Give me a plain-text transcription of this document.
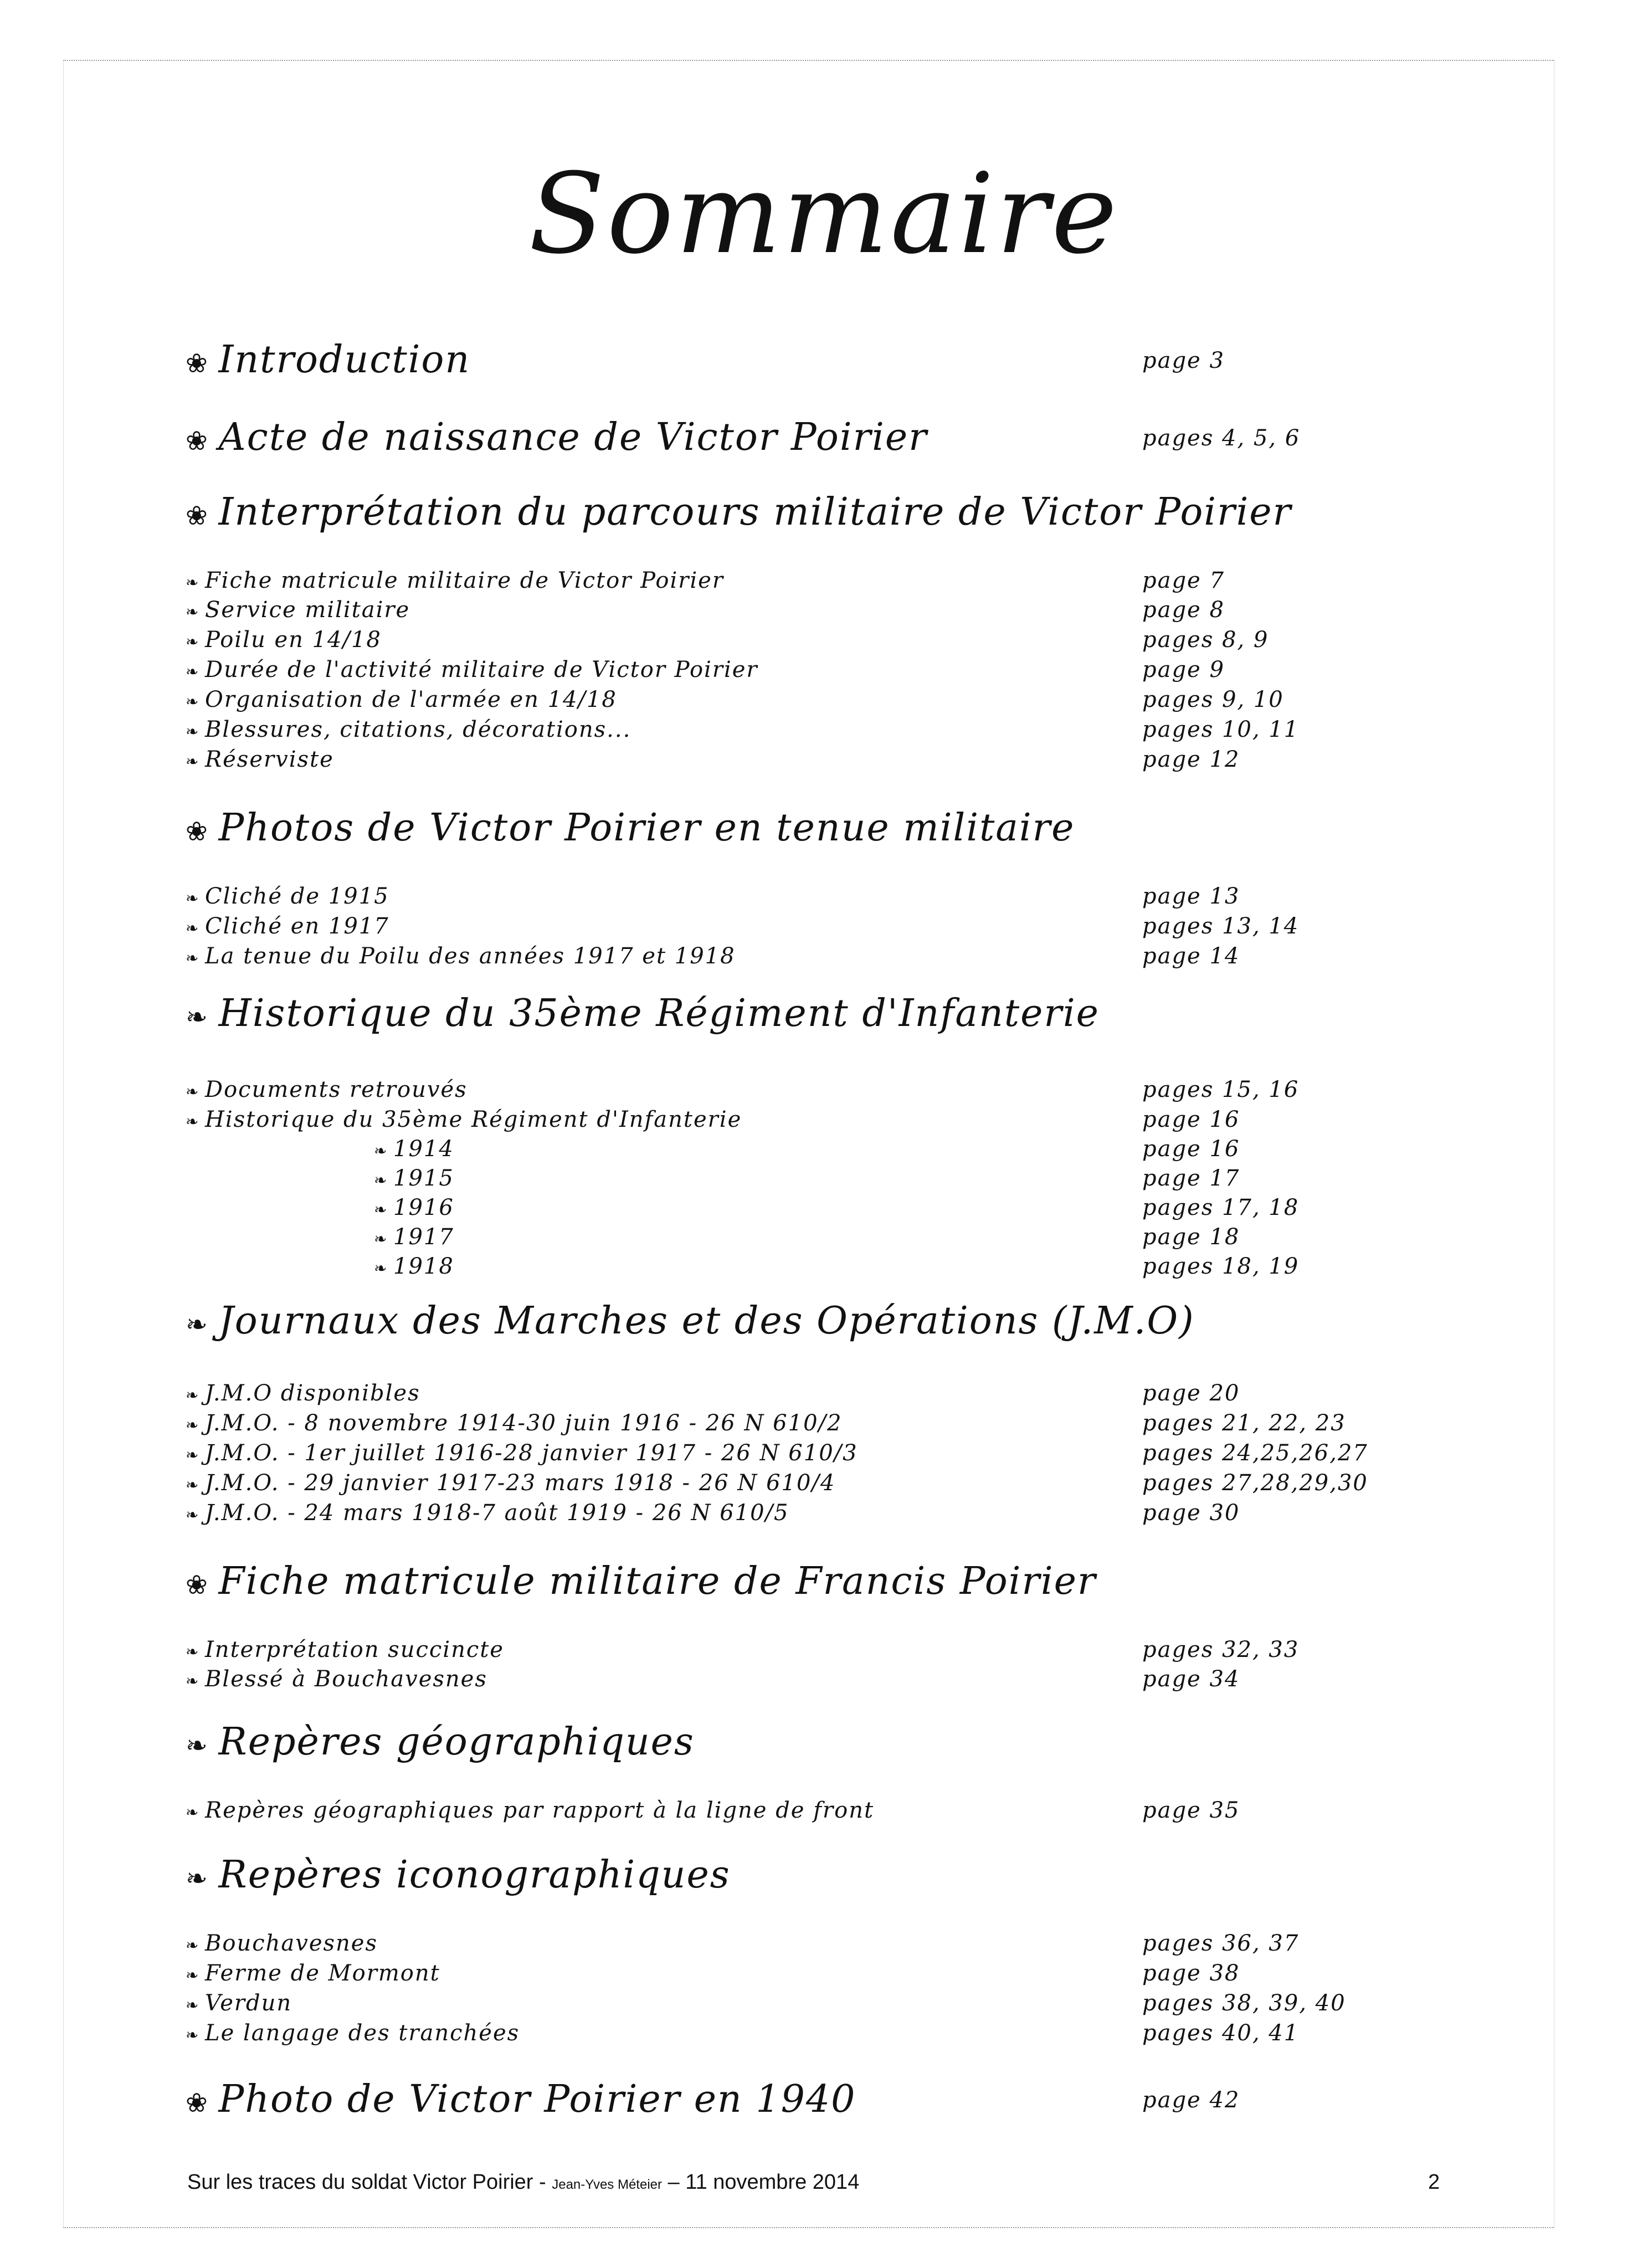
Sommaire
❀ Introduction	page 3
❀ Acte de naissance de Victor Poirier	pages 4, 5, 6
❀ Interprétation du parcours militaire de Victor Poirier
❧ Fiche matricule militaire de Victor Poirier	page 7
❧ Service militaire	page 8
❧ Poilu en 14/18	pages 8, 9
❧ Durée de l'activité militaire de Victor Poirier	page 9
❧ Organisation de l'armée en 14/18	pages 9, 10
❧ Blessures, citations, décorations...	pages 10, 11
❧ Réserviste	page 12
❀ Photos de Victor Poirier en tenue militaire
❧ Cliché de 1915	page 13
❧ Cliché en 1917	pages 13, 14
❧ La tenue du Poilu des années 1917 et 1918	page 14
❧ Historique du 35ème Régiment d'Infanterie
❧ Documents retrouvés	pages 15, 16
❧ Historique du 35ème Régiment d'Infanterie	page 16
❧ 1914	page 16
❧ 1915	page 17
❧ 1916	pages 17, 18
❧ 1917	page 18
❧ 1918	pages 18, 19
❧ Journaux des Marches et des Opérations (J.M.O)
❧ J.M.O disponibles	page 20
❧ J.M.O. - 8 novembre 1914-30 juin 1916 - 26 N 610/2	pages 21, 22, 23
❧ J.M.O. - 1er juillet 1916-28 janvier 1917 - 26 N 610/3	pages 24,25,26,27
❧ J.M.O. - 29 janvier 1917-23 mars 1918 - 26 N 610/4	pages 27,28,29,30
❧ J.M.O. - 24 mars 1918-7 août 1919 - 26 N 610/5	page 30
❀ Fiche matricule militaire de Francis Poirier
❧ Interprétation succincte	pages 32, 33
❧ Blessé à Bouchavesnes	page 34
❧ Repères géographiques
❧ Repères géographiques par rapport à la ligne de front	page 35
❧ Repères iconographiques
❧ Bouchavesnes	pages 36, 37
❧ Ferme de Mormont	page 38
❧ Verdun	pages 38, 39, 40
❧ Le langage des tranchées	pages 40, 41
❀ Photo de Victor Poirier en 1940	page 42
Sur les traces du soldat Victor Poirier - Jean-Yves Méteier – 11 novembre 2014	2
